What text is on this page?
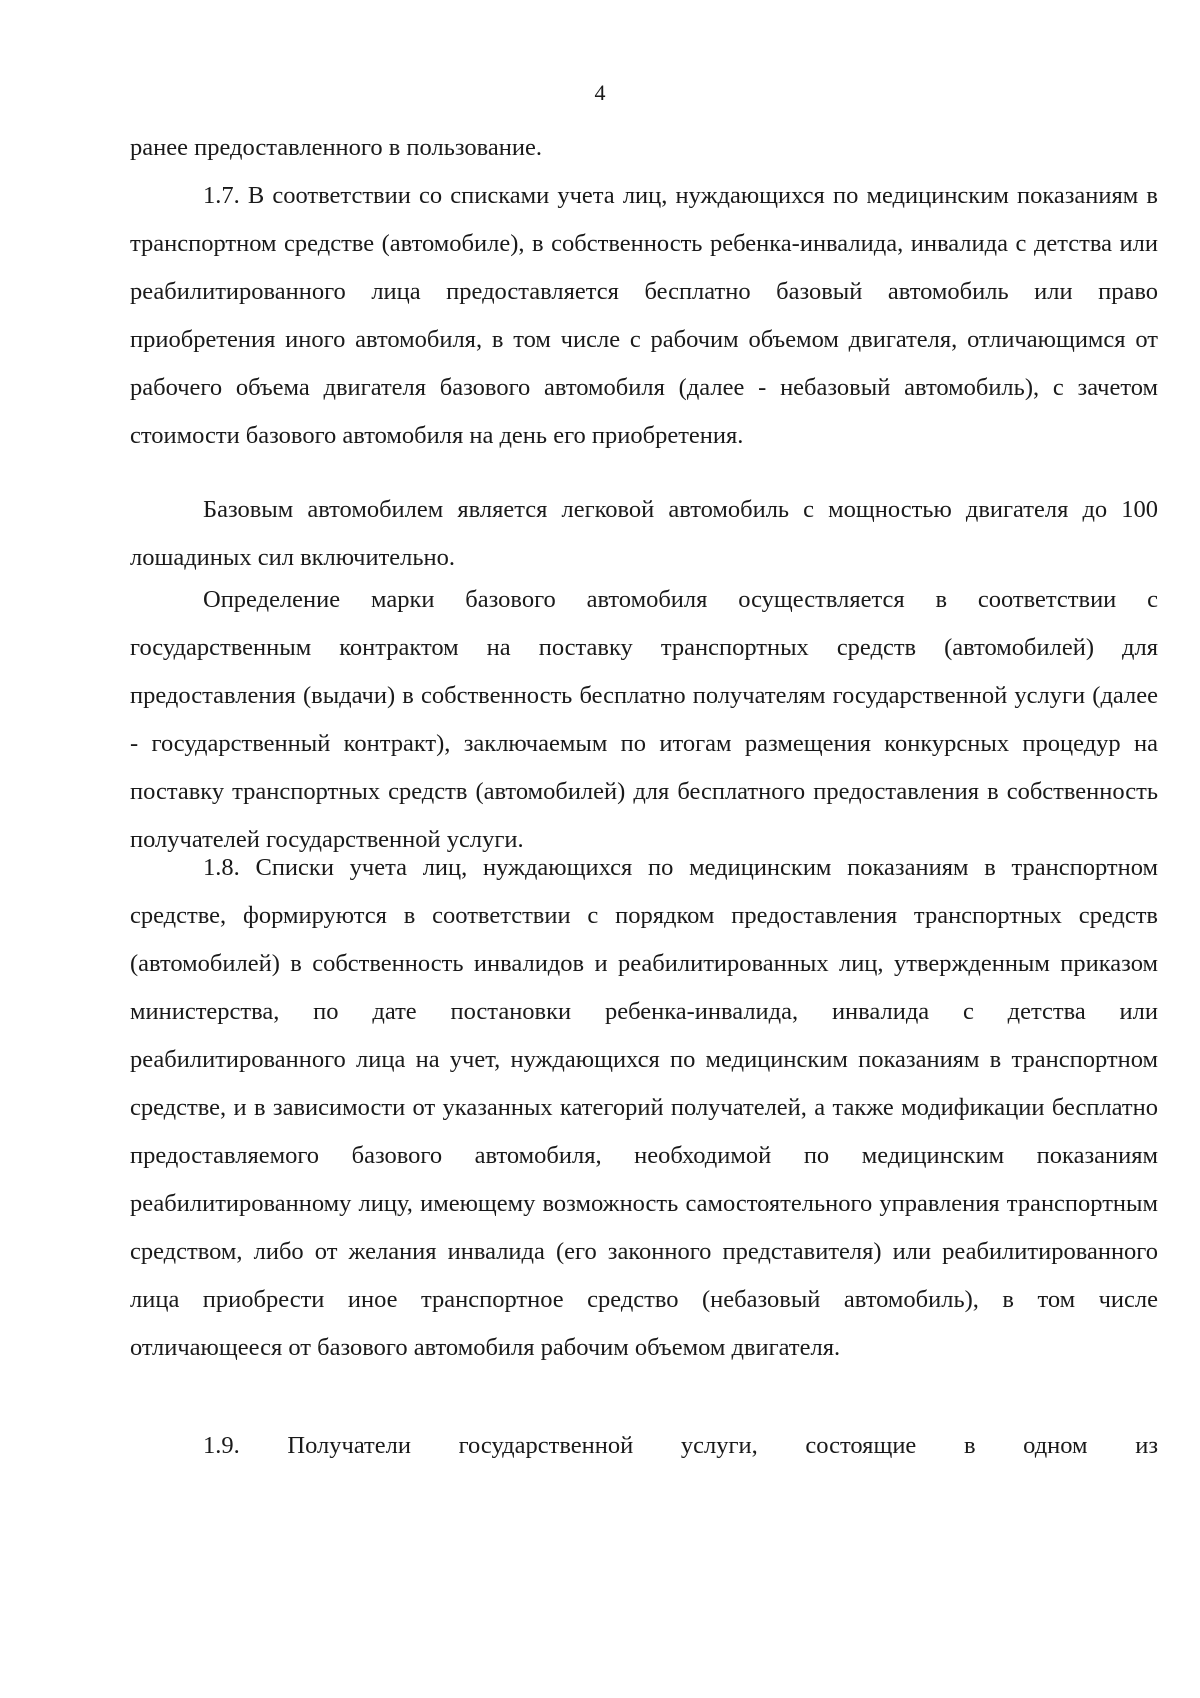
4

ранее предоставленного в пользование.

1.7. В соответствии со списками учета лиц, нуждающихся по медицинским показаниям в транспортном средстве (автомобиле), в собственность ребенка-инвалида, инвалида с детства или реабилитированного лица предоставляется бесплатно базовый автомобиль или право приобретения иного автомобиля, в том числе с рабочим объемом двигателя, отличающимся от рабочего объема двигателя базового автомобиля (далее - небазовый автомобиль), с зачетом стоимости базового автомобиля на день его приобретения.

Базовым автомобилем является легковой автомобиль с мощностью двигателя до 100 лошадиных сил включительно.

Определение марки базового автомобиля осуществляется в соответствии с государственным контрактом на поставку транспортных средств (автомобилей) для предоставления (выдачи) в собственность бесплатно получателям государственной услуги (далее - государственный контракт), заключаемым по итогам размещения конкурсных процедур на поставку транспортных средств (автомобилей) для бесплатного предоставления в собственность получателей государственной услуги.

1.8. Списки учета лиц, нуждающихся по медицинским показаниям в транспортном средстве, формируются в соответствии с порядком предоставления транспортных средств (автомобилей) в собственность инвалидов и реабилитированных лиц, утвержденным приказом министерства, по дате постановки ребенка-инвалида, инвалида с детства или реабилитированного лица на учет, нуждающихся по медицинским показаниям в транспортном средстве, и в зависимости от указанных категорий получателей, а также модификации бесплатно предоставляемого базового автомобиля, необходимой по медицинским показаниям реабилитированному лицу, имеющему возможность самостоятельного управления транспортным средством, либо от желания инвалида (его законного представителя) или реабилитированного лица приобрести иное транспортное средство (небазовый автомобиль), в том числе отличающееся от базового автомобиля рабочим объемом двигателя.

1.9. Получатели государственной услуги, состоящие в одном из
